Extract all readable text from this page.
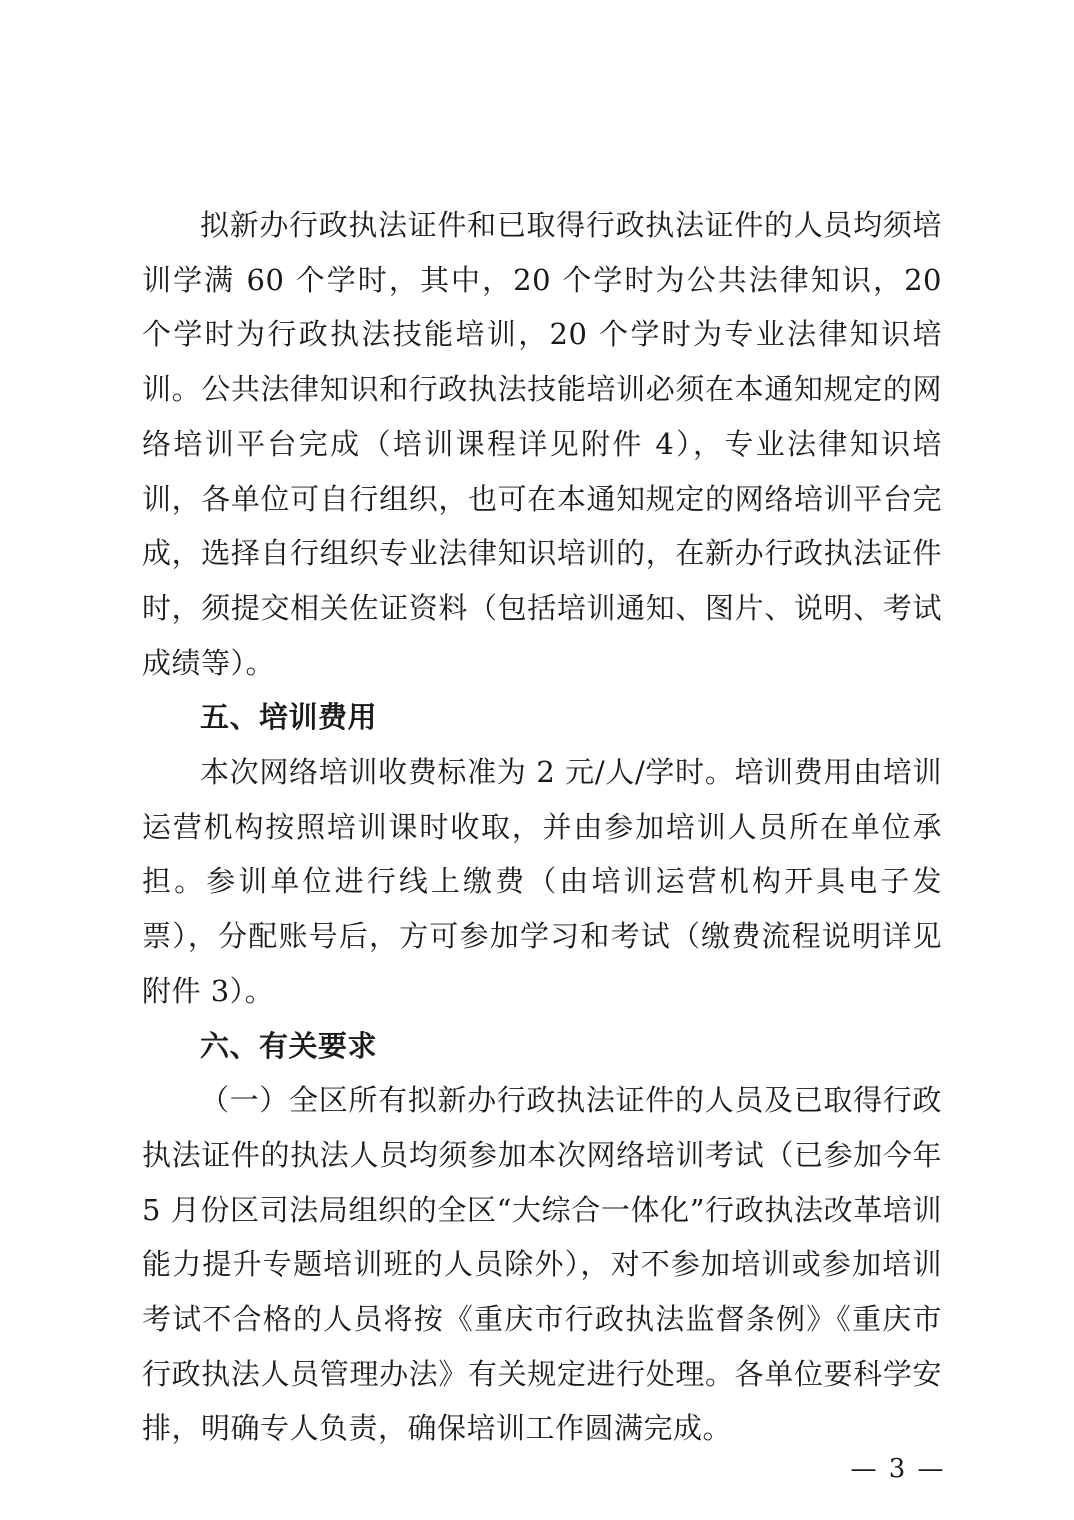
拟新办行政执法证件和已取得行政执法证件的人员均须培训学满 60 个学时，其中，20 个学时为公共法律知识，20 个学时为行政执法技能培训，20 个学时为专业法律知识培训。公共法律知识和行政执法技能培训必须在本通知规定的网络培训平台完成（培训课程详见附件 4），专业法律知识培训，各单位可自行组织，也可在本通知规定的网络培训平台完成，选择自行组织专业法律知识培训的，在新办行政执法证件时，须提交相关佐证资料（包括培训通知、图片、说明、考试成绩等）。

五、培训费用

本次网络培训收费标准为 2 元/人/学时。培训费用由培训运营机构按照培训课时收取，并由参加培训人员所在单位承担。参训单位进行线上缴费（由培训运营机构开具电子发票），分配账号后，方可参加学习和考试（缴费流程说明详见附件 3）。

六、有关要求

（一）全区所有拟新办行政执法证件的人员及已取得行政执法证件的执法人员均须参加本次网络培训考试（已参加今年 5 月份区司法局组织的全区“大综合一体化”行政执法改革培训能力提升专题培训班的人员除外），对不参加培训或参加培训考试不合格的人员将按《重庆市行政执法监督条例》《重庆市行政执法人员管理办法》有关规定进行处理。各单位要科学安排，明确专人负责，确保培训工作圆满完成。

— 3 —
